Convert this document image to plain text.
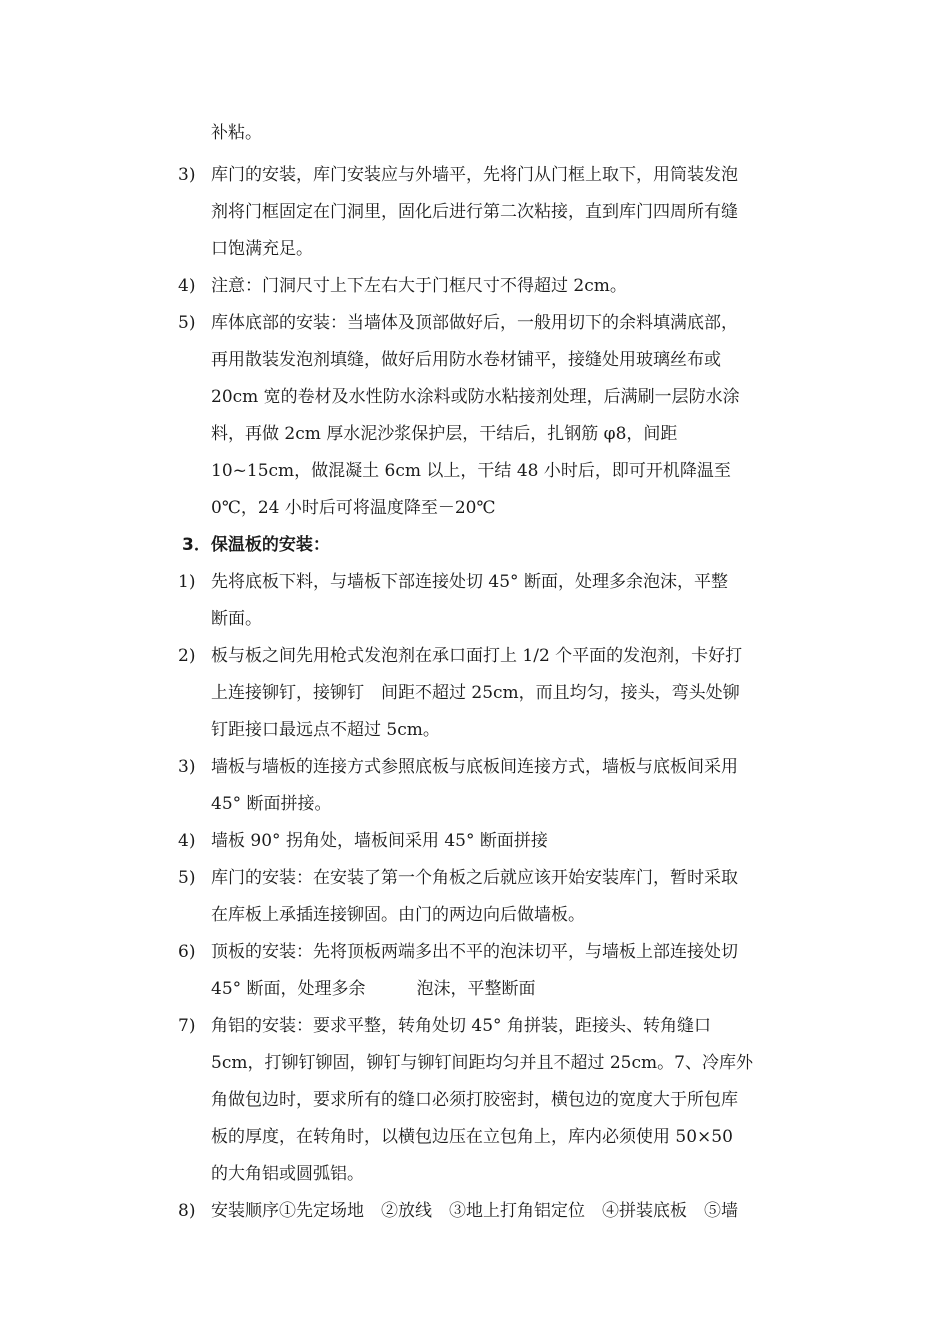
补粘。
3) 库门的安装，库门安装应与外墙平，先将门从门框上取下，用筒装发泡
剂将门框固定在门洞里，固化后进行第二次粘接，直到库门四周所有缝
口饱满充足。
4) 注意：门洞尺寸上下左右大于门框尺寸不得超过 2cm。
5) 库体底部的安装：当墙体及顶部做好后，一般用切下的余料填满底部，
再用散装发泡剂填缝，做好后用防水卷材铺平，接缝处用玻璃丝布或
20cm 宽的卷材及水性防水涂料或防水粘接剂处理，后满刷一层防水涂
料，再做 2cm 厚水泥沙浆保护层，干结后，扎钢筋 φ8，间距
10~15cm，做混凝土 6cm 以上，干结 48 小时后，即可开机降温至
0℃，24 小时后可将温度降至－20℃
3．保温板的安装：
1) 先将底板下料，与墙板下部连接处切 45° 断面，处理多余泡沫，平整
断面。
2) 板与板之间先用枪式发泡剂在承口面打上 1/2 个平面的发泡剂，卡好打
上连接铆钉，接铆钉　间距不超过 25cm，而且均匀，接头，弯头处铆
钉距接口最远点不超过 5cm。
3) 墙板与墙板的连接方式参照底板与底板间连接方式，墙板与底板间采用
45° 断面拼接。
4) 墙板 90° 拐角处，墙板间采用 45° 断面拼接
5) 库门的安装：在安装了第一个角板之后就应该开始安装库门，暂时采取
在库板上承插连接铆固。由门的两边向后做墙板。
6) 顶板的安装：先将顶板两端多出不平的泡沫切平，与墙板上部连接处切
45° 断面，处理多余　　　泡沫，平整断面
7) 角铝的安装：要求平整，转角处切 45° 角拼装，距接头、转角缝口
5cm，打铆钉铆固，铆钉与铆钉间距均匀并且不超过 25cm。7、冷库外
角做包边时，要求所有的缝口必须打胶密封，横包边的宽度大于所包库
板的厚度，在转角时，以横包边压在立包角上，库内必须使用 50×50
的大角铝或圆弧铝。
8) 安装顺序①先定场地　②放线　③地上打角铝定位　④拼装底板　⑤墙
